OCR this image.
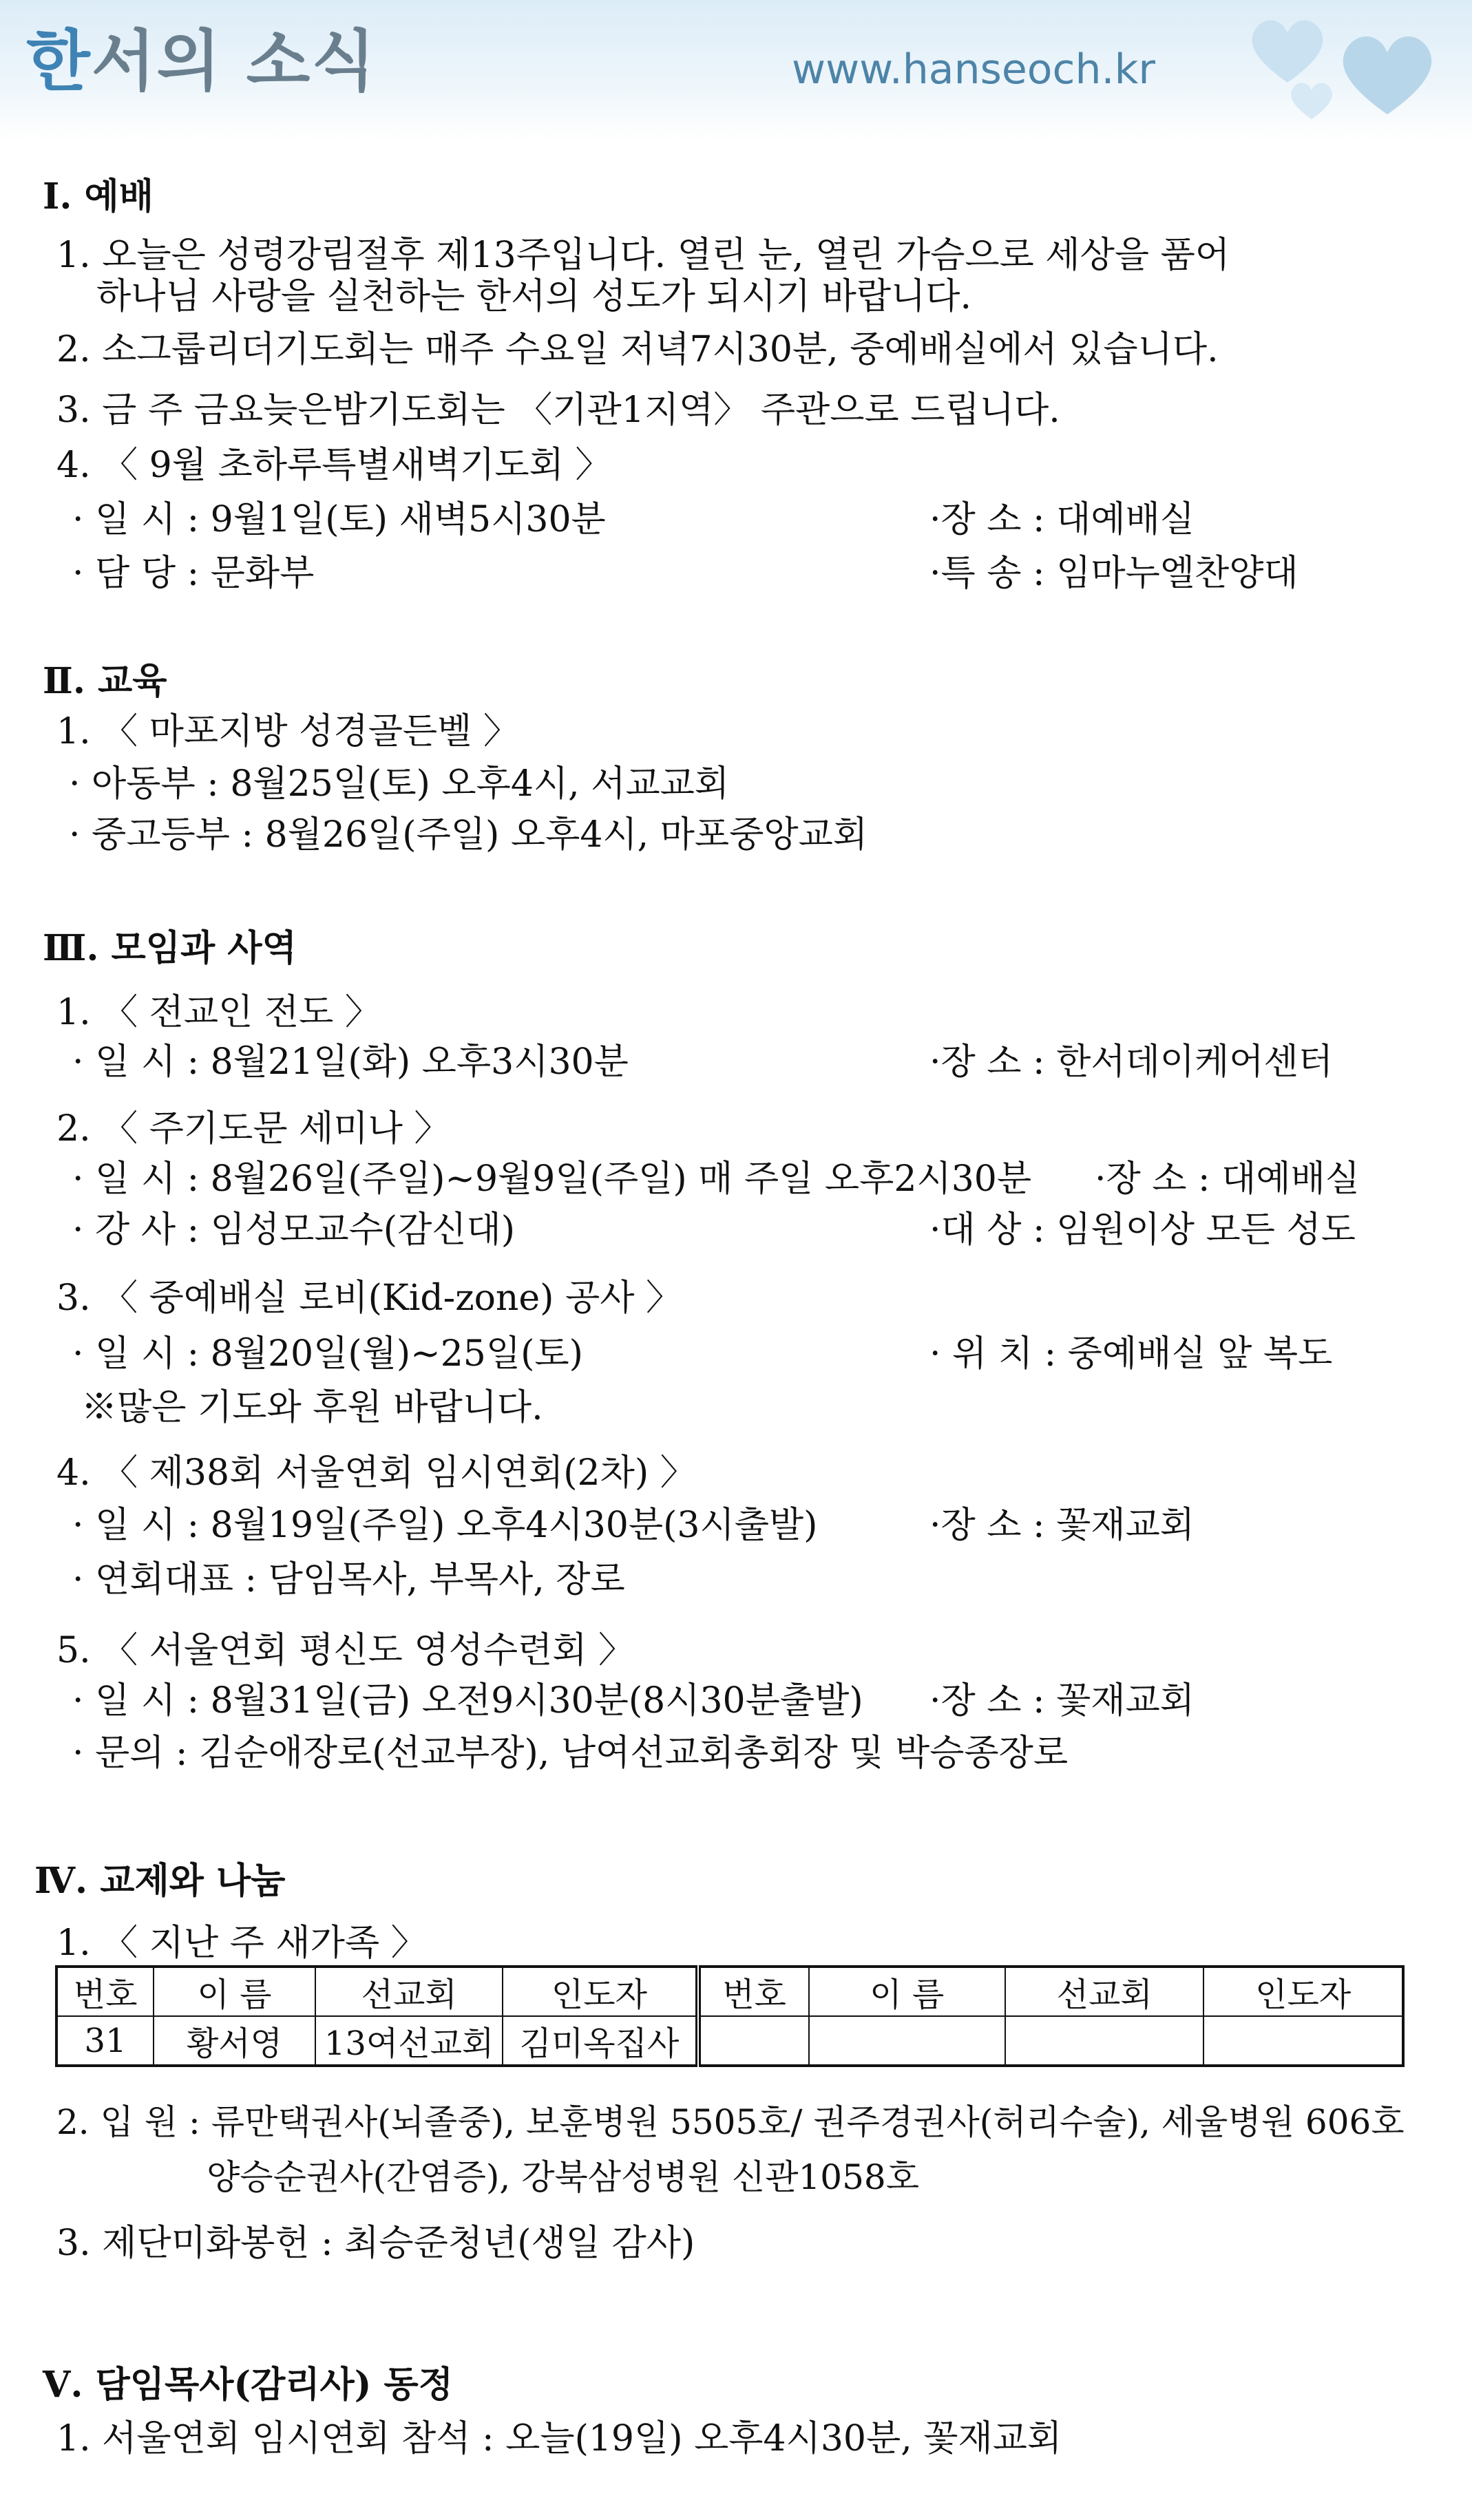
한서의 소식	www.hanseoch.kr
Ⅰ. 예배
1. 오늘은 성령강림절후 제13주입니다. 열린 눈, 열린 가슴으로 세상을 품어
하나님 사랑을 실천하는 한서의 성도가 되시기 바랍니다.
2. 소그룹리더기도회는 매주 수요일 저녁7시30분, 중예배실에서 있습니다.
3. 금 주 금요늦은밤기도회는 〈기관1지역〉 주관으로 드립니다.
4. 〈 9월 초하루특별새벽기도회 〉
· 일 시 : 9월1일(토) 새벽5시30분	·장 소 : 대예배실
· 담 당 : 문화부	·특 송 : 임마누엘찬양대
Ⅱ. 교육
1. 〈 마포지방 성경골든벨 〉
· 아동부 : 8월25일(토) 오후4시, 서교교회
· 중고등부 : 8월26일(주일) 오후4시, 마포중앙교회
Ⅲ. 모임과 사역
1. 〈 전교인 전도 〉
· 일 시 : 8월21일(화) 오후3시30분	·장 소 : 한서데이케어센터
2. 〈 주기도문 세미나 〉
· 일 시 : 8월26일(주일)~9월9일(주일) 매 주일 오후2시30분 ·장 소 : 대예배실
· 강 사 : 임성모교수(감신대)	·대 상 : 임원이상 모든 성도
3. 〈 중예배실 로비(Kid-zone) 공사 〉
· 일 시 : 8월20일(월)~25일(토)	· 위 치 : 중예배실 앞 복도
※많은 기도와 후원 바랍니다.
4. 〈 제38회 서울연회 임시연회(2차) 〉
· 일 시 : 8월19일(주일) 오후4시30분(3시출발)	·장 소 : 꽃재교회
· 연회대표 : 담임목사, 부목사, 장로
5. 〈 서울연회 평신도 영성수련회 〉
· 일 시 : 8월31일(금) 오전9시30분(8시30분출발) ·장 소 : 꽃재교회
· 문의 : 김순애장로(선교부장), 남여선교회총회장 및 박승종장로
Ⅳ. 교제와 나눔
1. 〈 지난 주 새가족 〉
번호	이 름	선교회	인도자	번호	이 름	선교회	인도자
31	황서영	13여선교회	김미옥집사				
2. 입 원 : 류만택권사(뇌졸중), 보훈병원 5505호/ 권주경권사(허리수술), 세울병원 606호
양승순권사(간염증), 강북삼성병원 신관1058호
3. 제단미화봉헌 : 최승준청년(생일 감사)
Ⅴ. 담임목사(감리사) 동정
1. 서울연회 임시연회 참석 : 오늘(19일) 오후4시30분, 꽃재교회
